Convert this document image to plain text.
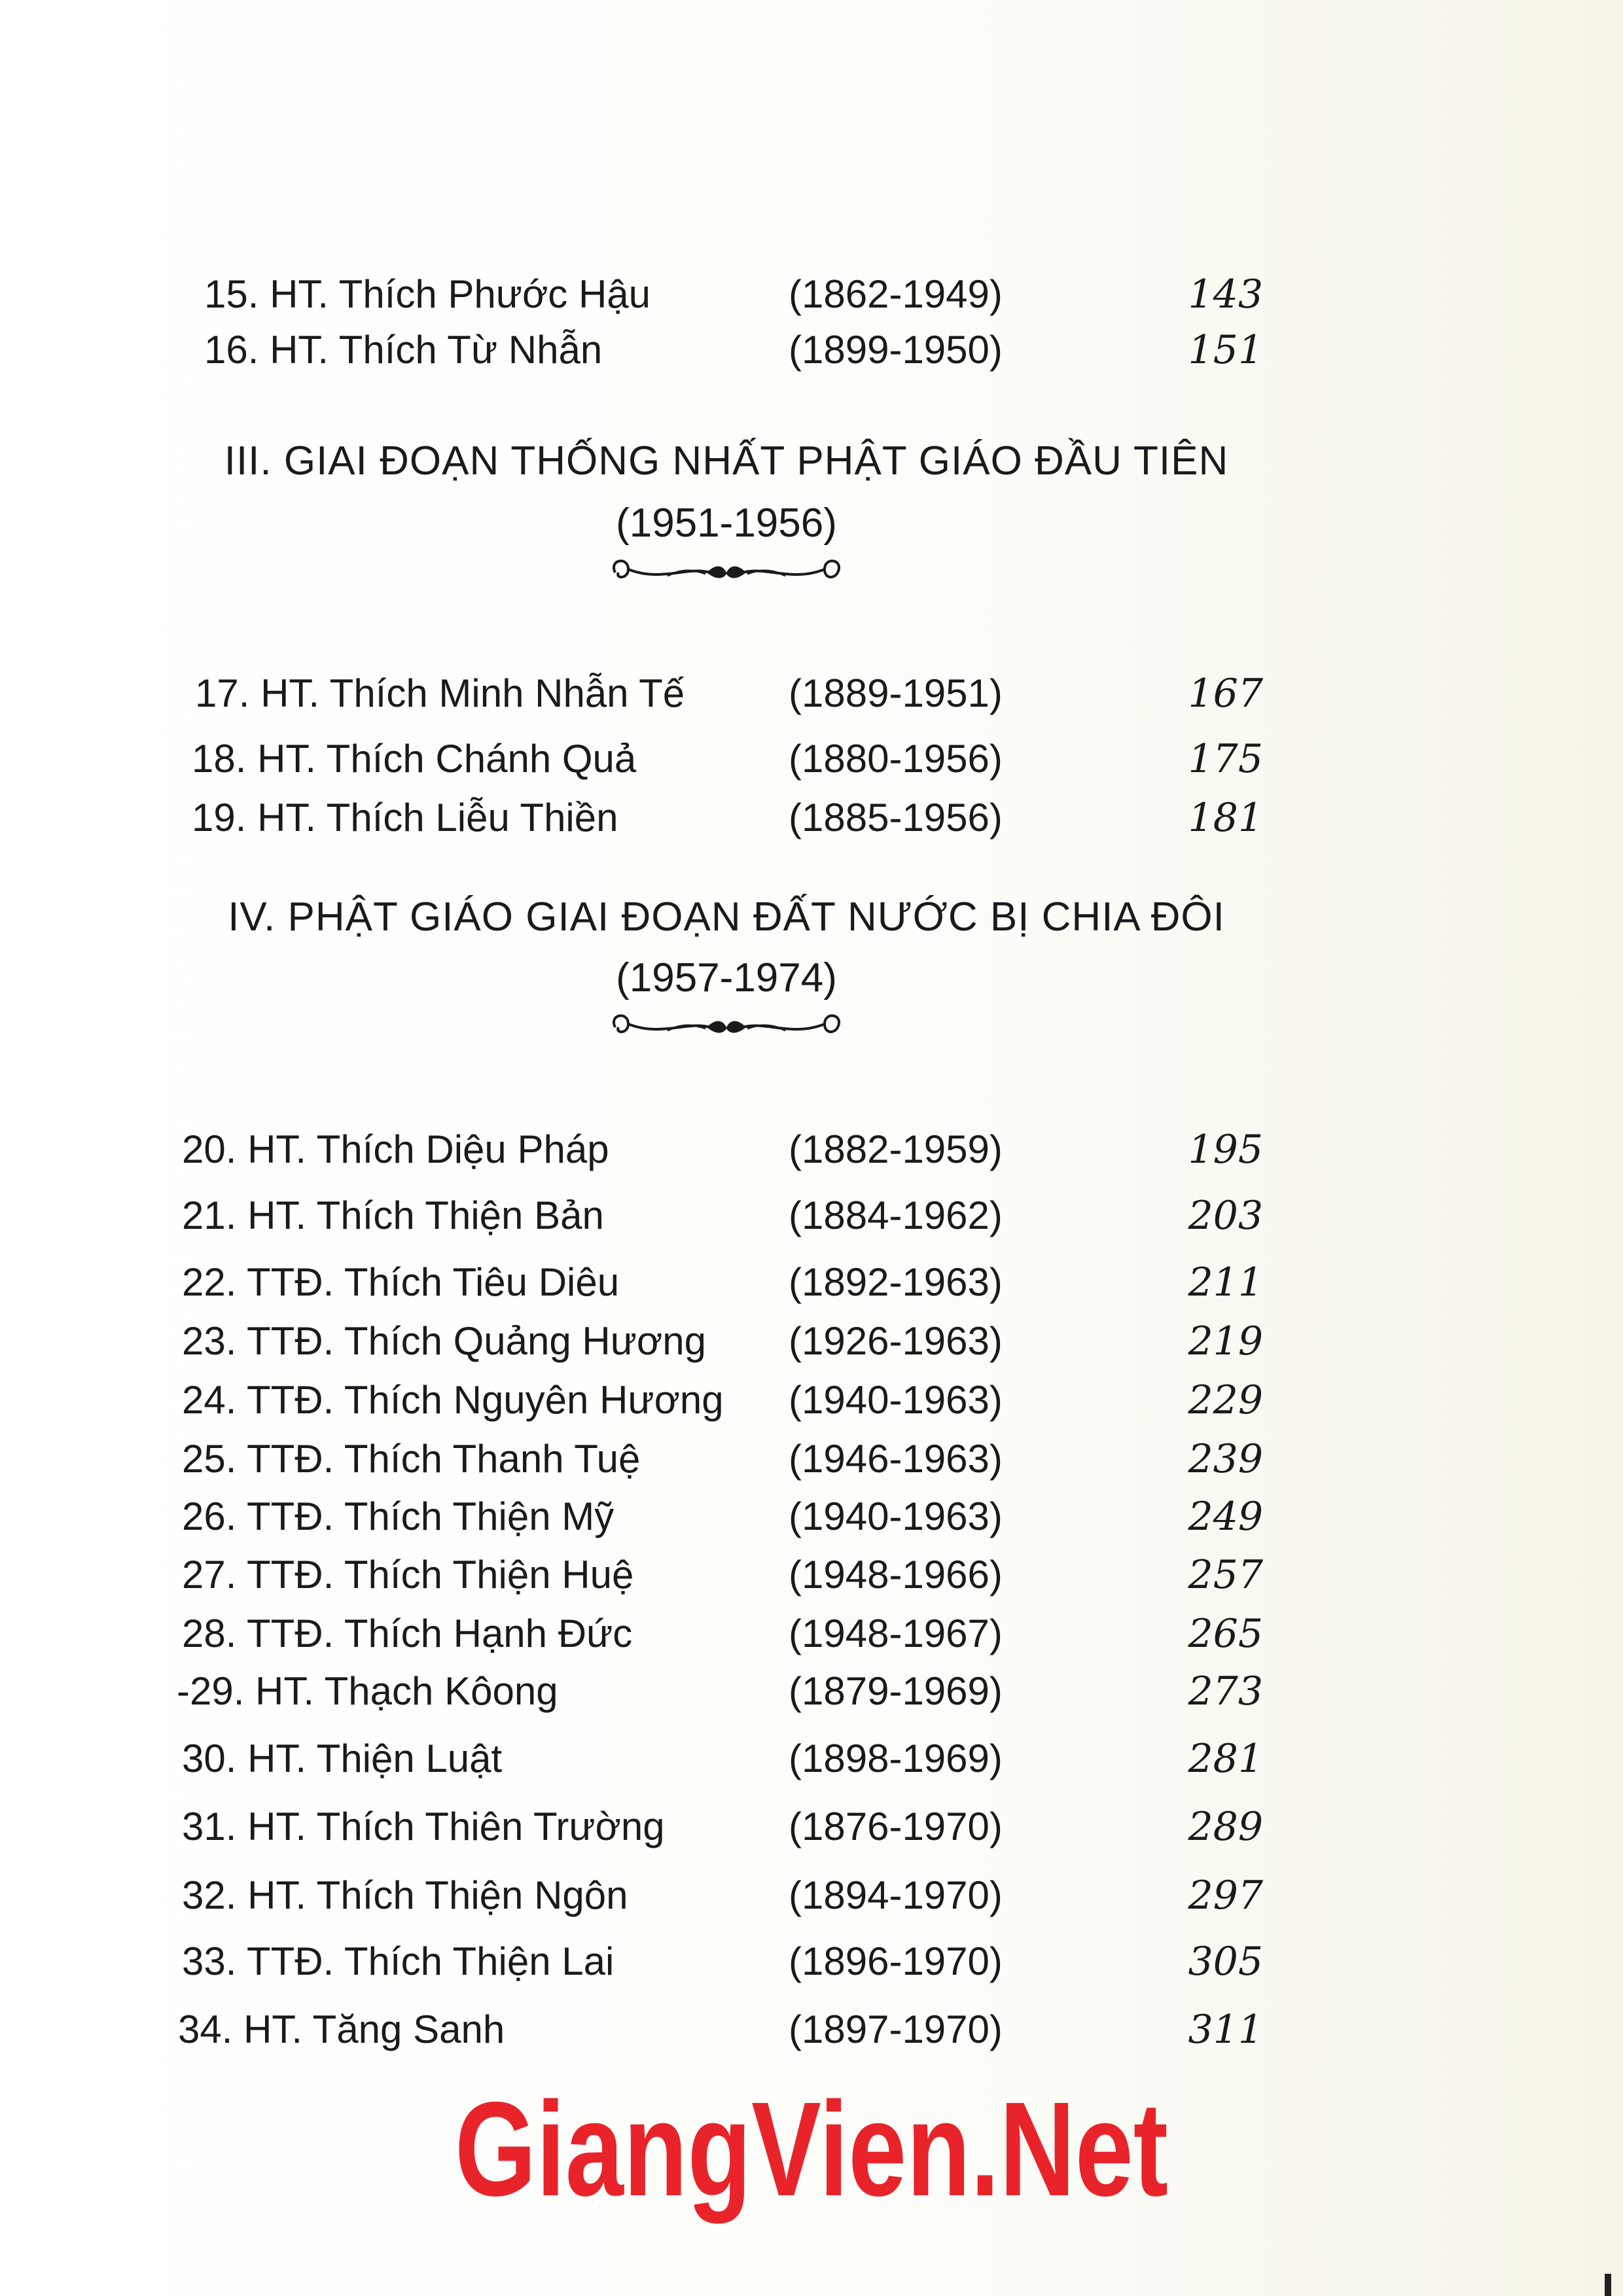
15. HT. Thích Phước Hậu	(1862-1949)	143
16. HT. Thích Từ Nhẫn	(1899-1950)	151
III. GIAI ĐOẠN THỐNG NHẤT PHẬT GIÁO ĐẦU TIÊN
(1951-1956)
17. HT. Thích Minh Nhẫn Tế	(1889-1951)	167
18. HT. Thích Chánh Quả	(1880-1956)	175
19. HT. Thích Liễu Thiền	(1885-1956)	181
IV. PHẬT GIÁO GIAI ĐOẠN ĐẤT NƯỚC BỊ CHIA ĐÔI
(1957-1974)
20. HT. Thích Diệu Pháp	(1882-1959)	195
21. HT. Thích Thiện Bản	(1884-1962)	203
22. TTĐ. Thích Tiêu Diêu	(1892-1963)	211
23. TTĐ. Thích Quảng Hương (1926-1963)	219
24. TTĐ. Thích Nguyên Hương (1940-1963)	229
25. TTĐ. Thích Thanh Tuệ	(1946-1963)	239
26. TTĐ. Thích Thiện Mỹ	(1940-1963)	249
27. TTĐ. Thích Thiện Huệ	(1948-1966)	257
28. TTĐ. Thích Hạnh Đức	(1948-1967)	265
-29. HT. Thạch Kôong	(1879-1969)	273
30. HT. Thiện Luật	(1898-1969)	281
31. HT. Thích Thiên Trường	(1876-1970)	289
32. HT. Thích Thiện Ngôn	(1894-1970)	297
33. TTĐ. Thích Thiện Lai	(1896-1970)	305
34. HT. Tăng Sanh	(1897-1970)	311
GiangVien.Net
